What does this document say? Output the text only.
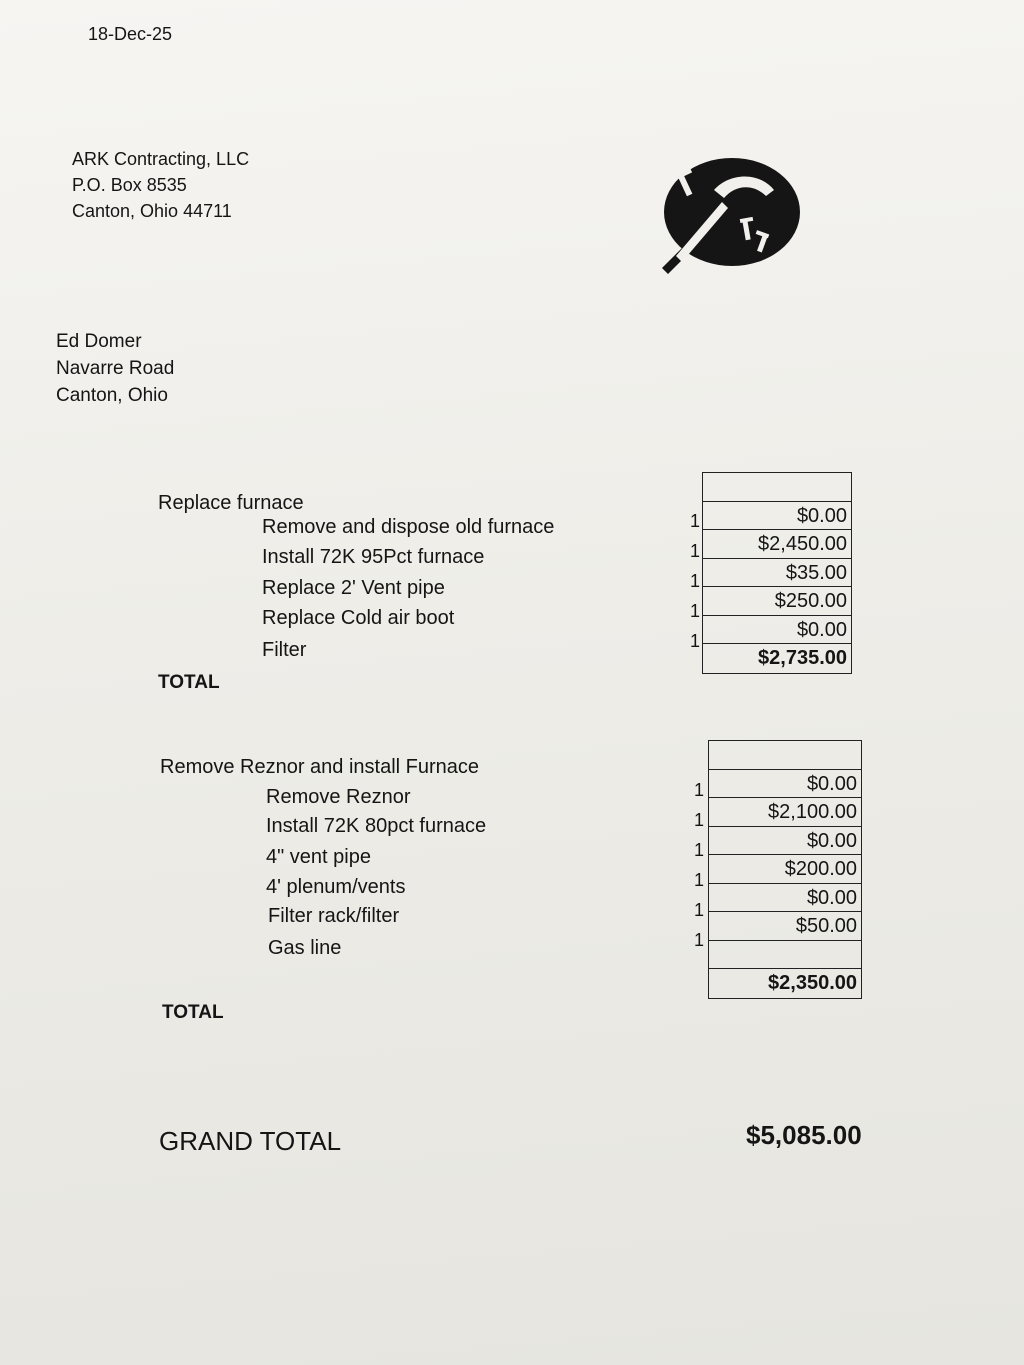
18-Dec-25
ARK Contracting, LLC
P.O. Box 8535
Canton, Ohio 44711
Ed Domer
Navarre Road
Canton, Ohio
Replace furnace
Remove and dispose old furnace
Install 72K 95Pct furnace
Replace 2' Vent pipe
Replace Cold air boot
Filter
TOTAL
1
1
1
1
1
$0.00
$2,450.00
$35.00
$250.00
$0.00
$2,735.00
Remove Reznor and install Furnace
Remove Reznor
Install 72K 80pct furnace
4" vent pipe
4' plenum/vents
Filter rack/filter
Gas line
TOTAL
1
1
1
1
1
1
$0.00
$2,100.00
$0.00
$200.00
$0.00
$50.00
$2,350.00
GRAND TOTAL	$5,085.00
